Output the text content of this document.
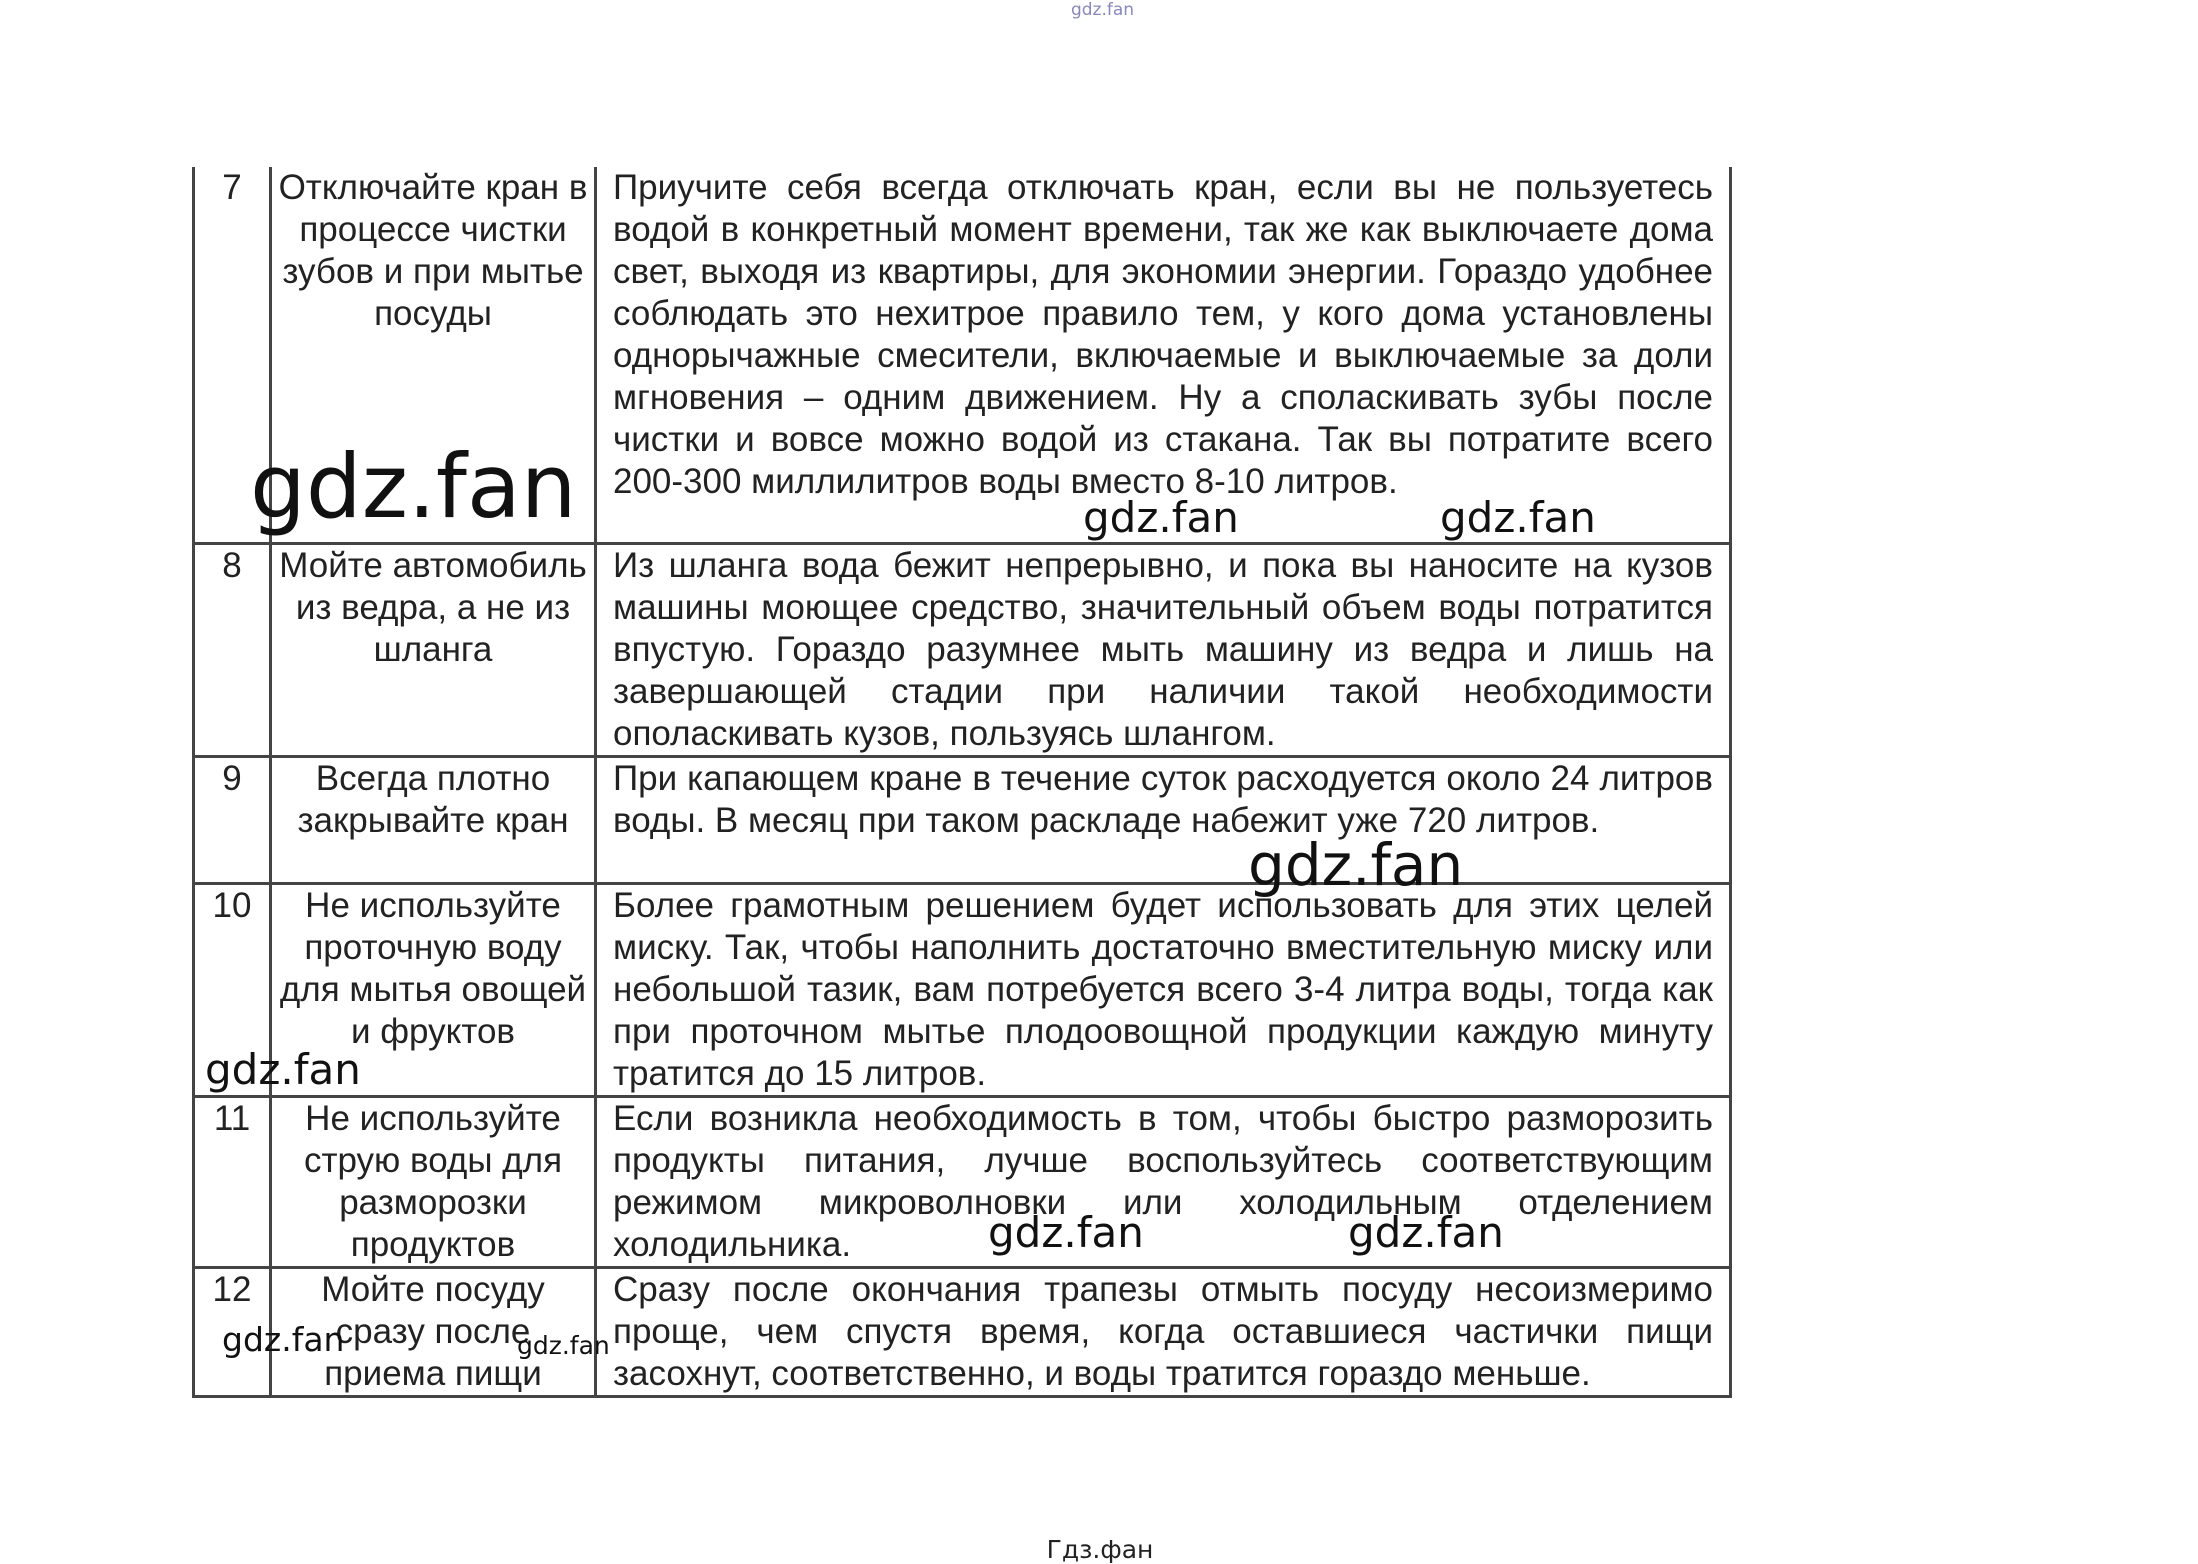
gdz.fan
7	Отключайте кран в процессе чистки зубов и при мытье посуды	Приучите себя всегда отключать кран, если вы не пользуетесь водой в конкретный момент времени, так же как выключаете дома свет, выходя из квартиры, для экономии энергии. Гораздо удобнее соблюдать это нехитрое правило тем, у кого дома установлены однорычажные смесители, включаемые и выключаемые за доли мгновения – одним движением. Ну а споласкивать зубы после чистки и вовсе можно водой из стакана. Так вы потратите всего 200-300 миллилитров воды вместо 8-10 литров.
8	Мойте автомобиль из ведра, а не из шланга	Из шланга вода бежит непрерывно, и пока вы наносите на кузов машины моющее средство, значительный объем воды потратится впустую. Гораздо разумнее мыть машину из ведра и лишь на завершающей стадии при наличии такой необходимости ополаскивать кузов, пользуясь шлангом.
9	Всегда плотно закрывайте кран	При капающем кране в течение суток расходуется около 24 литров воды. В месяц при таком раскладе набежит уже 720 литров.
10	Не используйте проточную воду для мытья овощей и фруктов	Более грамотным решением будет использовать для этих целей миску. Так, чтобы наполнить достаточно вместительную миску или небольшой тазик, вам потребуется всего 3-4 литра воды, тогда как при проточном мытье плодоовощной продукции каждую минуту тратится до 15 литров.
11	Не используйте струю воды для разморозки продуктов	Если возникла необходимость в том, чтобы быстро разморозить продукты питания, лучше воспользуйтесь соответствующим режимом микроволновки или холодильным отделением холодильника.
12	Мойте посуду сразу после приема пищи	Сразу после окончания трапезы отмыть посуду несоизмеримо проще, чем спустя время, когда оставшиеся частички пищи засохнут, соответственно, и воды тратится гораздо меньше.
gdz.fan	gdz.fan	gdz.fan
gdz.fan
gdz.fan
gdz.fan	gdz.fan
gdz.fan	gdz.fan
Гдз.фан
